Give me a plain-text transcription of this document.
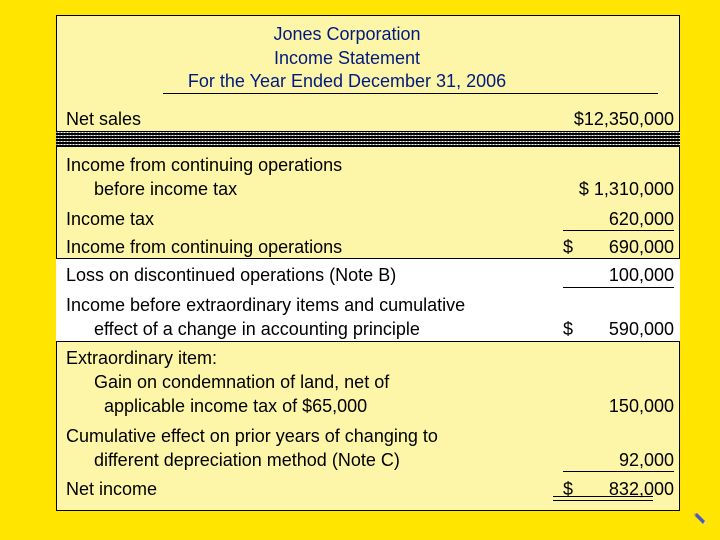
Jones Corporation
Income Statement
For the Year Ended December 31, 2006
Net sales	$12,350,000
Income from continuing operations
before income tax	$ 1,310,000
Income tax	620,000
Income from continuing operations	$ 690,000
Loss on discontinued operations (Note B)	100,000
Income before extraordinary items and cumulative
effect of a change in accounting principle	$ 590,000
Extraordinary item:
Gain on condemnation of land, net of
applicable income tax of $65,000	150,000
Cumulative effect on prior years of changing to
different depreciation method (Note C)	92,000
Net income	$ 832,000
